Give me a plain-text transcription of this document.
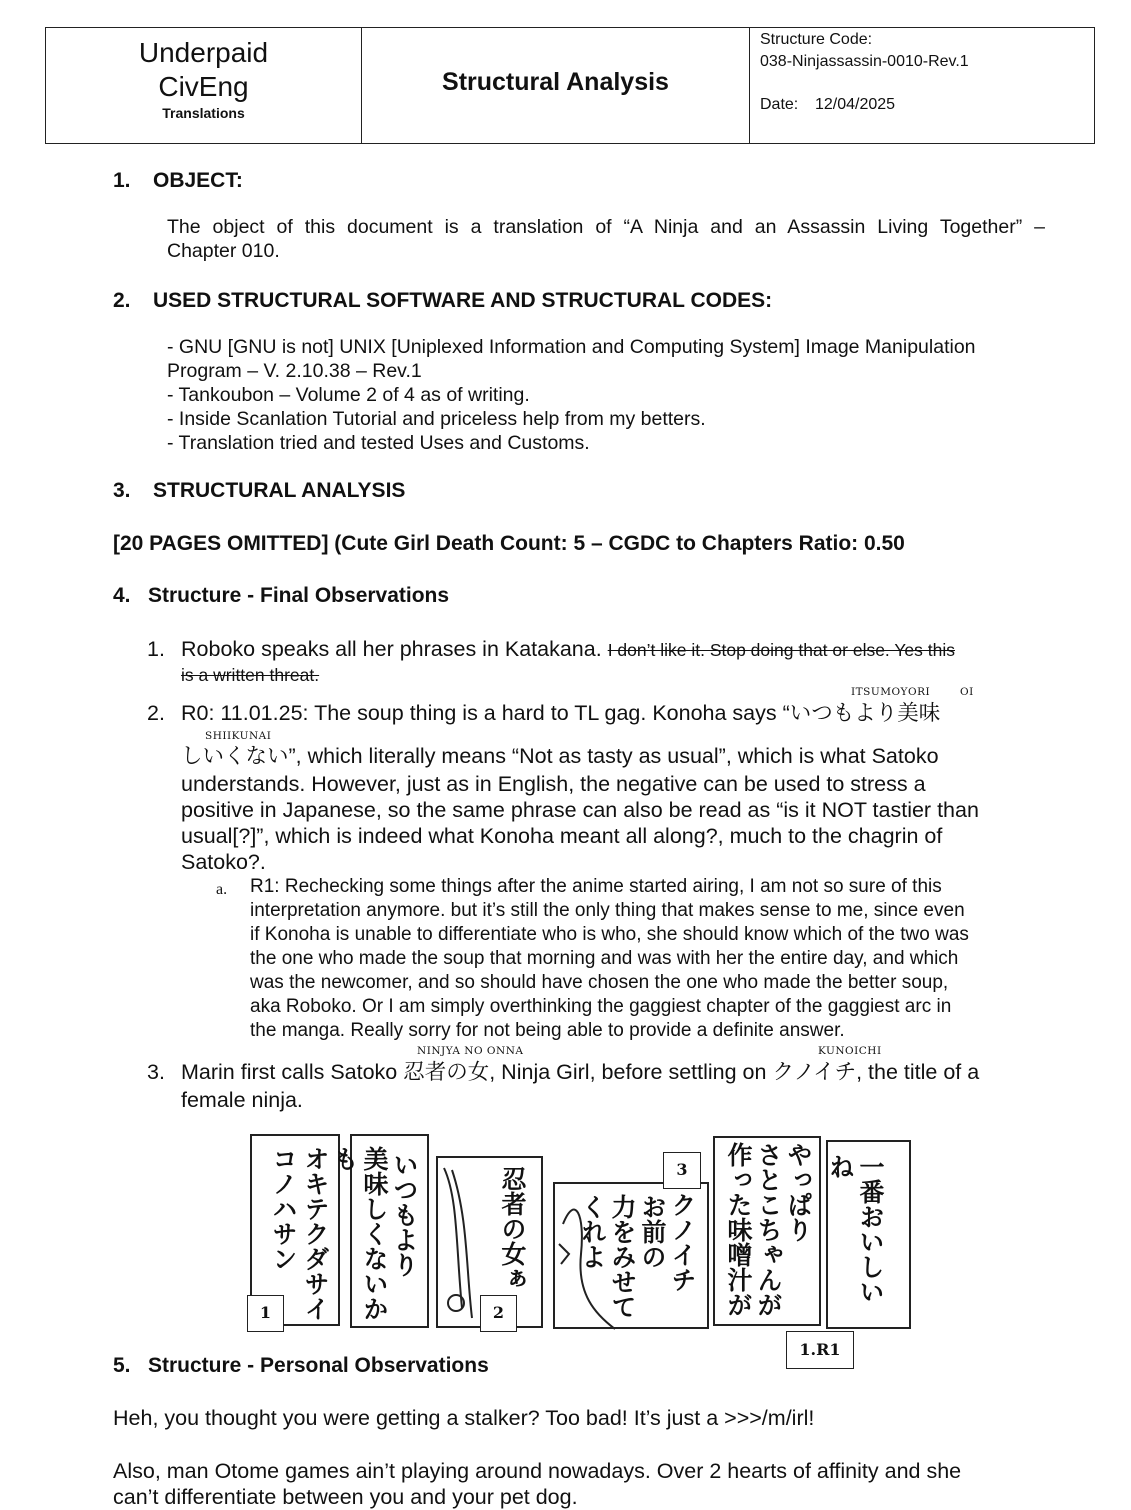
Underpaid
CivEng
Translations
Structural Analysis
Structure Code:
038-Ninjassassin-0010-Rev.1
Date: 12/04/2025
1. OBJECT:
The object of this document is a translation of “A Ninja and an Assassin Living Together” –
Chapter 010.
2. USED STRUCTURAL SOFTWARE AND STRUCTURAL CODES:
- GNU [GNU is not] UNIX [Uniplexed Information and Computing System] Image Manipulation
Program – V. 2.10.38 – Rev.1
- Tankoubon – Volume 2 of 4 as of writing.
- Inside Scanlation Tutorial and priceless help from my betters.
- Translation tried and tested Uses and Customs.
3. STRUCTURAL ANALYSIS
[20 PAGES OMITTED] (Cute Girl Death Count: 5 – CGDC to Chapters Ratio: 0.50
4. Structure - Final Observations
1. Roboko speaks all her phrases in Katakana. I don’t like it. Stop doing that or else. Yes this
is a written threat.
ITSUMOYORI	OI
2. R0: 11.01.25: The soup thing is a hard to TL gag. Konoha says “いつもより美味
SHIIKUNAI
しいくない”, which literally means “Not as tasty as usual”, which is what Satoko
understands. However, just as in English, the negative can be used to stress a
positive in Japanese, so the same phrase can also be read as “is it NOT tastier than
usual[?]”, which is indeed what Konoha meant all along?, much to the chagrin of
Satoko?.
a. R1: Rechecking some things after the anime started airing, I am not so sure of this
interpretation anymore. but it’s still the only thing that makes sense to me, since even
if Konoha is unable to differentiate who is who, she should know which of the two was
the one who made the soup that morning and was with her the entire day, and which
was the newcomer, and so should have chosen the one who made the better soup,
aka Roboko. Or I am simply overthinking the gaggiest chapter of the gaggiest arc in
the manga. Really sorry for not being able to provide a definite answer.
NINJYA NO ONNA	KUNOICHI
3. Marin first calls Satoko 忍者の女, Ninja Girl, before settling on クノイチ, the title of a
female ninja.
オキテクダサイ
コノハサン	いつもより
美味しくないかも
忍者の女ぁ	クノイチ
お前の
力をみせて
くれよ	やっぱり
さとこちゃんが
作った味噌汁が	一番おいしいね
1	2
3
1.R1
5. Structure - Personal Observations
Heh, you thought you were getting a stalker? Too bad! It’s just a >>>/m/irl!
Also, man Otome games ain’t playing around nowadays. Over 2 hearts of affinity and she
can’t differentiate between you and your pet dog.
